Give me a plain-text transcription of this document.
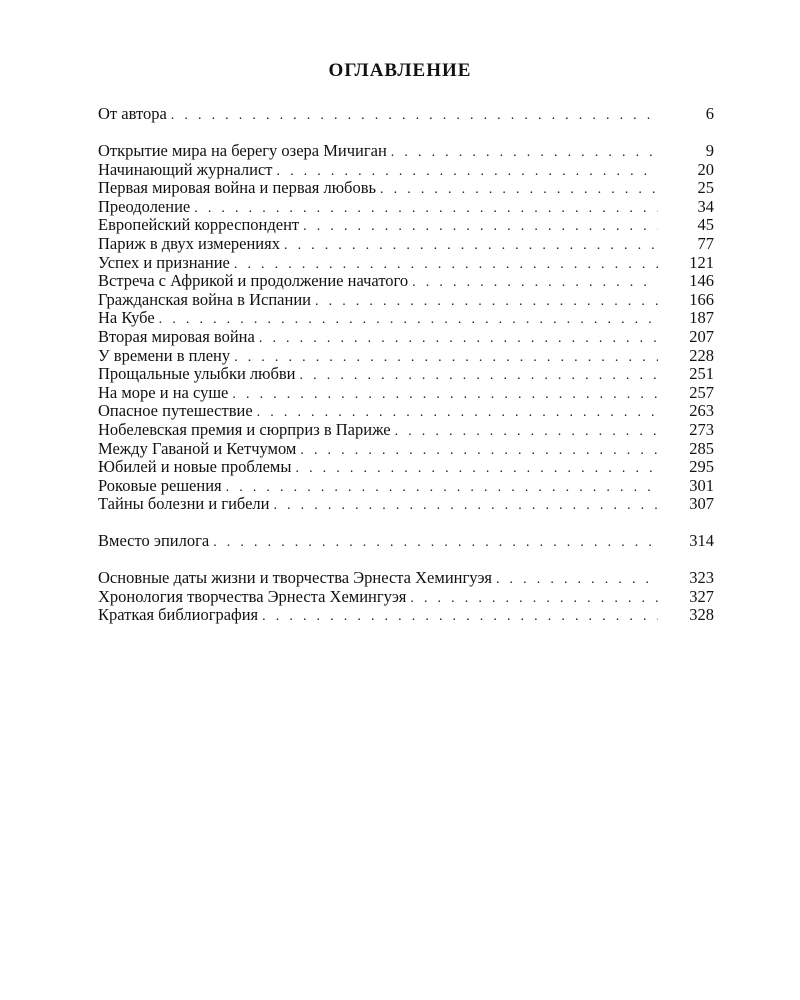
ОГЛАВЛЕНИЕ
От автора . . .	6
Открытие мира на берегу озера Мичиган . . .	9
Начинающий журналист . . .	20
Первая мировая война и первая любовь . . .	25
Преодоление . . .	34
Европейский корреспондент . . .	45
Париж в двух измерениях . . .	77
Успех и признание . . .	121
Встреча с Африкой и продолжение начатого . . .	146
Гражданская война в Испании . . .	166
На Кубе . . .	187
Вторая мировая война . . .	207
У времени в плену . . .	228
Прощальные улыбки любви . . .	251
На море и на суше . . .	257
Опасное путешествие . . .	263
Нобелевская премия и сюрприз в Париже . . .	273
Между Гаваной и Кетчумом . . .	285
Юбилей и новые проблемы . . .	295
Роковые решения . . .	301
Тайны болезни и гибели . . .	307
Вместо эпилога . . .	314
Основные даты жизни и творчества Эрнеста Хемингуэя . . .	323
Хронология творчества Эрнеста Хемингуэя . . .	327
Краткая библиография . . .	328
